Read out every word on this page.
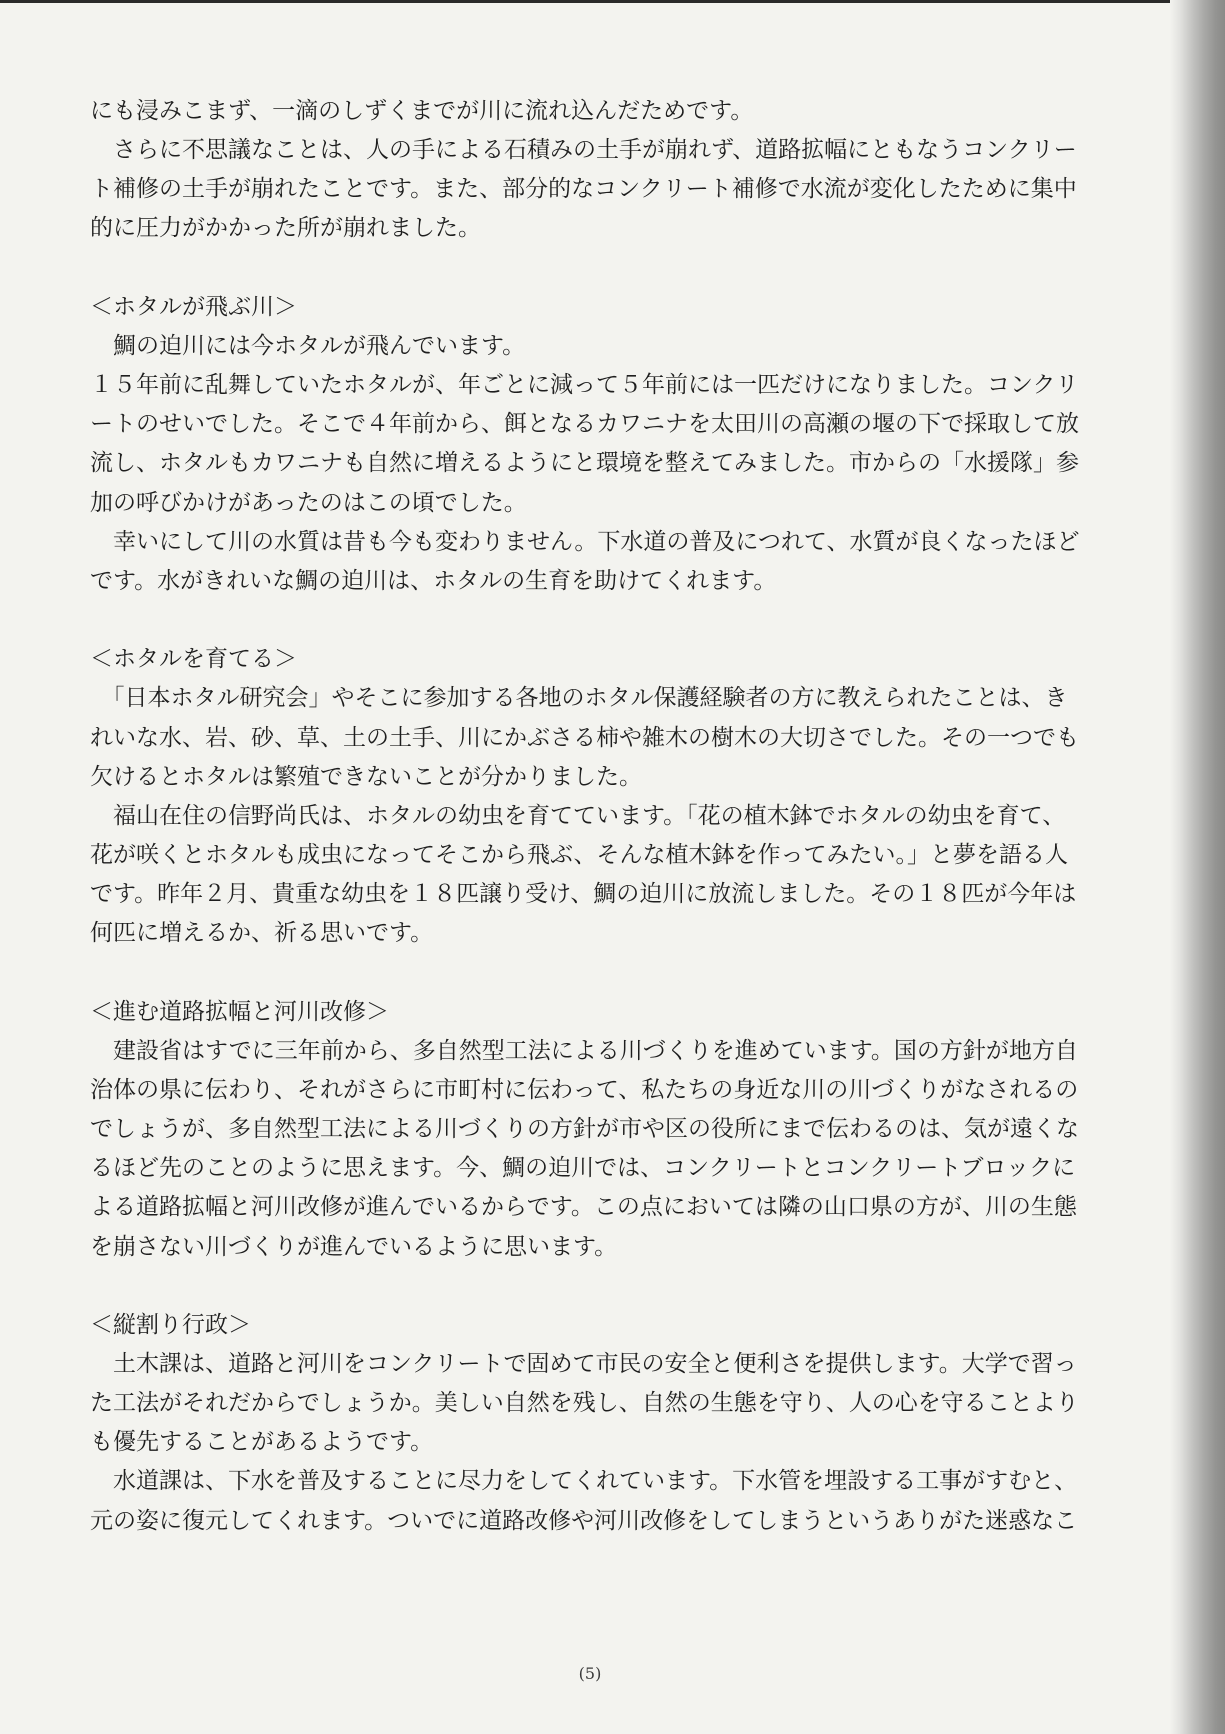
にも浸みこまず、一滴のしずくまでが川に流れ込んだためです。
　さらに不思議なことは、人の手による石積みの土手が崩れず、道路拡幅にともなうコンクリー
ト補修の土手が崩れたことです。また、部分的なコンクリート補修で水流が変化したために集中
的に圧力がかかった所が崩れました。
＜ホタルが飛ぶ川＞
　鯛の迫川には今ホタルが飛んでいます。
１５年前に乱舞していたホタルが、年ごとに減って５年前には一匹だけになりました。コンクリ
ートのせいでした。そこで４年前から、餌となるカワニナを太田川の高瀬の堰の下で採取して放
流し、ホタルもカワニナも自然に増えるようにと環境を整えてみました。市からの「水援隊」参
加の呼びかけがあったのはこの頃でした。
　幸いにして川の水質は昔も今も変わりません。下水道の普及につれて、水質が良くなったほど
です。水がきれいな鯛の迫川は、ホタルの生育を助けてくれます。
＜ホタルを育てる＞
　「日本ホタル研究会」やそこに参加する各地のホタル保護経験者の方に教えられたことは、き
れいな水、岩、砂、草、土の土手、川にかぶさる柿や雑木の樹木の大切さでした。その一つでも
欠けるとホタルは繁殖できないことが分かりました。
　福山在住の信野尚氏は、ホタルの幼虫を育てています。「花の植木鉢でホタルの幼虫を育て、
花が咲くとホタルも成虫になってそこから飛ぶ、そんな植木鉢を作ってみたい。」と夢を語る人
です。昨年２月、貴重な幼虫を１８匹譲り受け、鯛の迫川に放流しました。その１８匹が今年は
何匹に増えるか、祈る思いです。
＜進む道路拡幅と河川改修＞
　建設省はすでに三年前から、多自然型工法による川づくりを進めています。国の方針が地方自
治体の県に伝わり、それがさらに市町村に伝わって、私たちの身近な川の川づくりがなされるの
でしょうが、多自然型工法による川づくりの方針が市や区の役所にまで伝わるのは、気が遠くな
るほど先のことのように思えます。今、鯛の迫川では、コンクリートとコンクリートブロックに
よる道路拡幅と河川改修が進んでいるからです。この点においては隣の山口県の方が、川の生態
を崩さない川づくりが進んでいるように思います。
＜縦割り行政＞
　土木課は、道路と河川をコンクリートで固めて市民の安全と便利さを提供します。大学で習っ
た工法がそれだからでしょうか。美しい自然を残し、自然の生態を守り、人の心を守ることより
も優先することがあるようです。
　水道課は、下水を普及することに尽力をしてくれています。下水管を埋設する工事がすむと、
元の姿に復元してくれます。ついでに道路改修や河川改修をしてしまうというありがた迷惑なこ
(5)
